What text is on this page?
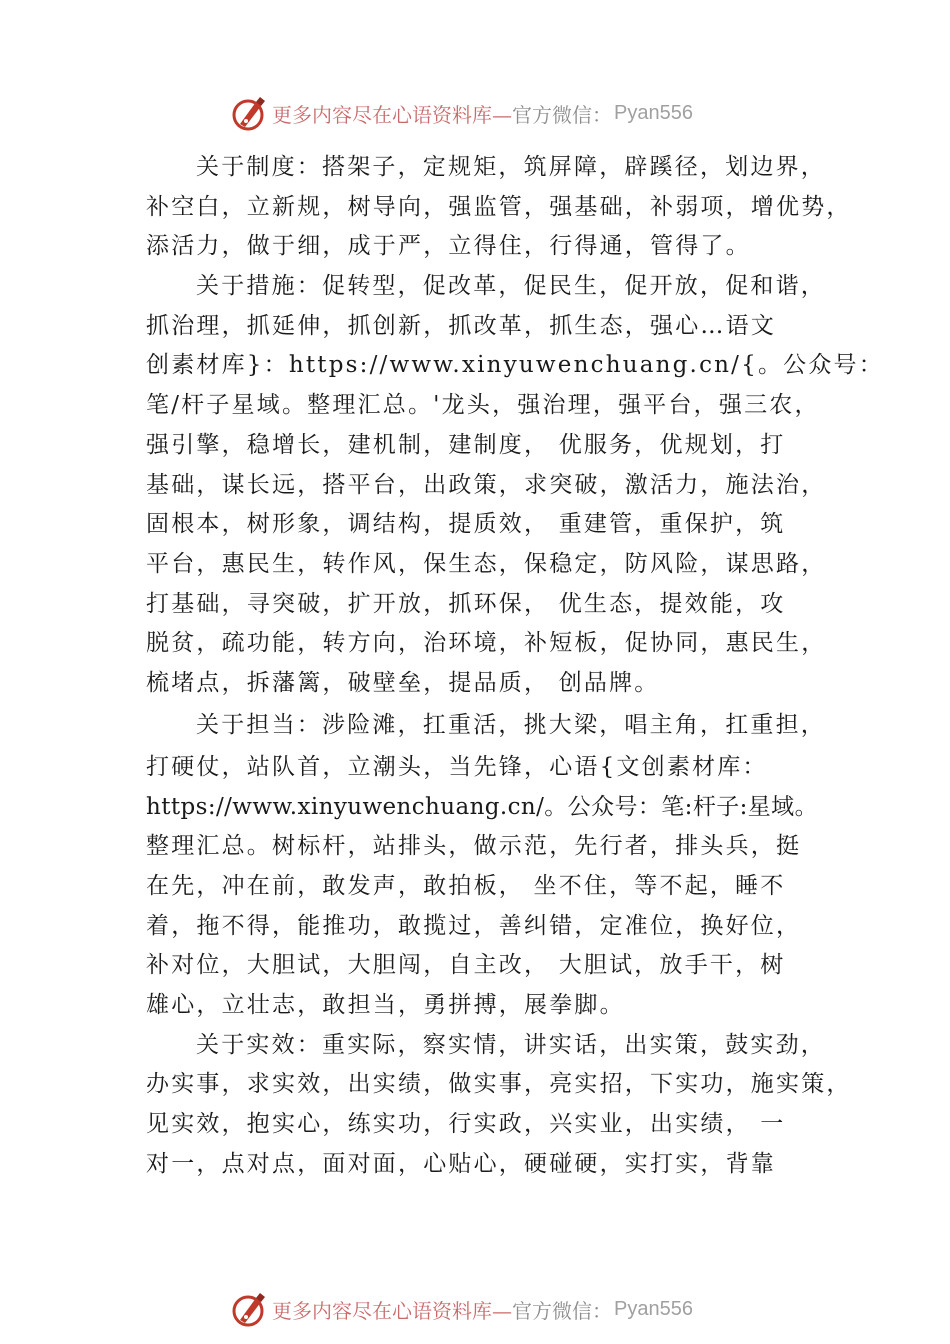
更多内容尽在心语资料库— 官方微信： Pyan556
关于制度：搭架子，定规矩，筑屏障，辟蹊径，划边界，
补空白，立新规，树导向，强监管，强基础，补弱项，增优势，
添活力，做于细，成于严，立得住，行得通，管得了。
关于措施：促转型，促改革，促民生，促开放，促和谐，
抓治理，抓延伸，抓创新，抓改革，抓生态，强心…语文
创素材库}：https://www.xinyuwenchuang.cn/{。公众号：
笔/杆子星域。整理汇总。'龙头，强治理，强平台，强三农，
强引擎，稳增长，建机制，建制度， 优服务，优规划，打
基础，谋长远，搭平台，出政策，求突破，激活力，施法治，
固根本，树形象，调结构，提质效， 重建管，重保护，筑
平台，惠民生，转作风，保生态，保稳定，防风险，谋思路，
打基础，寻突破，扩开放，抓环保， 优生态，提效能，攻
脱贫，疏功能，转方向，治环境，补短板，促协同，惠民生，
梳堵点，拆藩篱，破壁垒，提品质， 创品牌。
关于担当：涉险滩，扛重活，挑大梁，唱主角，扛重担，
打硬仗，站队首，立潮头，当先锋，心语{文创素材库：
https://www.xinyuwenchuang.cn/。公众号：笔:杆子:星域。
整理汇总。树标杆，站排头，做示范，先行者，排头兵，挺
在先，冲在前，敢发声，敢拍板， 坐不住，等不起，睡不
着，拖不得，能推功，敢揽过，善纠错，定准位，换好位，
补对位，大胆试，大胆闯，自主改， 大胆试，放手干，树
雄心，立壮志，敢担当，勇拼搏，展拳脚。
关于实效：重实际，察实情，讲实话，出实策，鼓实劲，
办实事，求实效，出实绩，做实事，亮实招，下实功，施实策，
见实效，抱实心，练实功，行实政，兴实业，出实绩， 一
对一，点对点，面对面，心贴心，硬碰硬，实打实，背靠
更多内容尽在心语资料库— 官方微信： Pyan556
